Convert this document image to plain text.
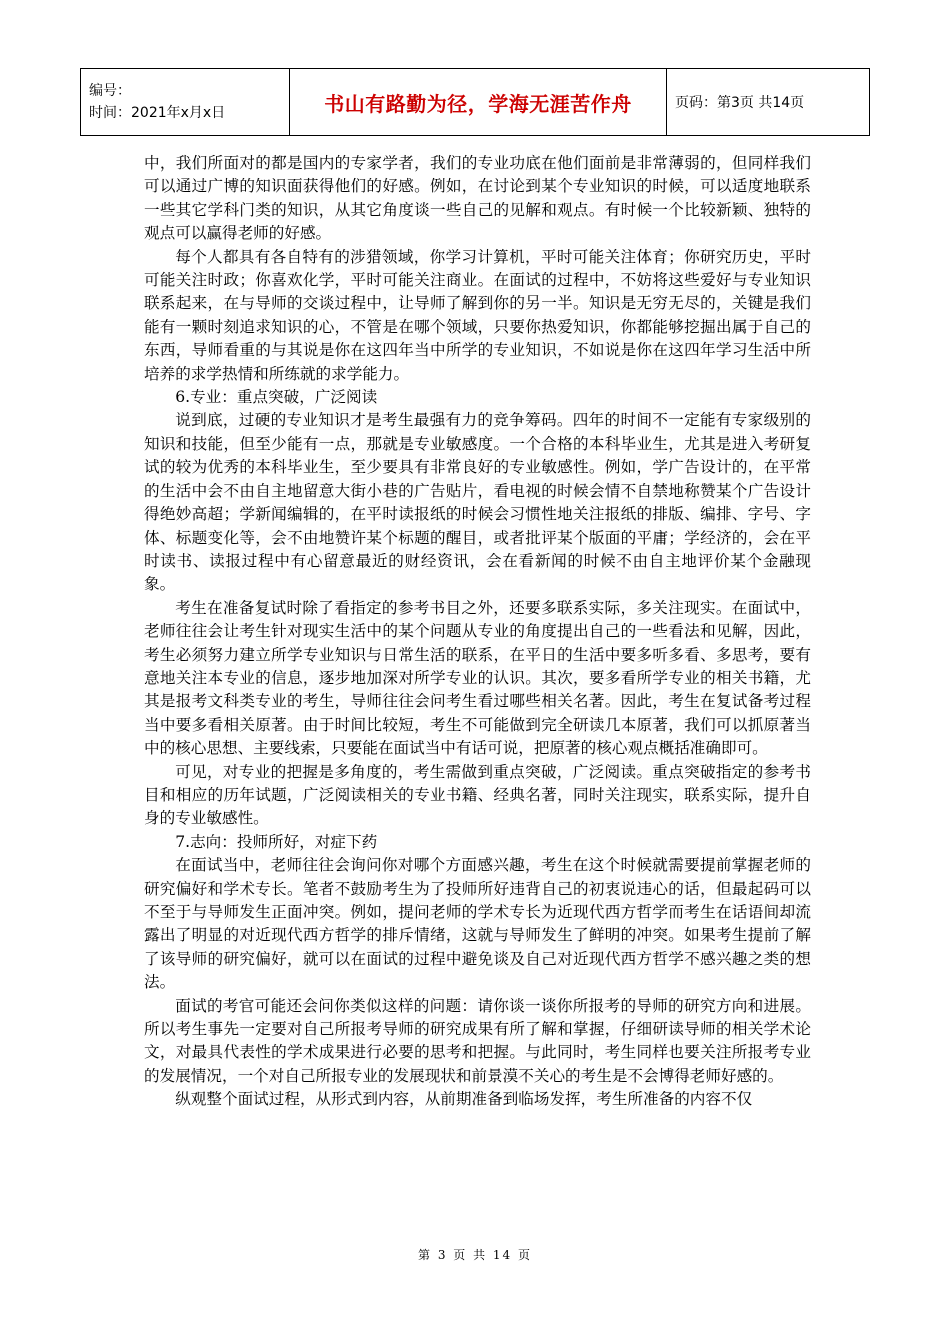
编号：
时间：2021年x月x日	书山有路勤为径，学海无涯苦作舟	页码：第3页 共14页

中，我们所面对的都是国内的专家学者，我们的专业功底在他们面前是非常薄弱的，但同样我们可以通过广博的知识面获得他们的好感。例如，在讨论到某个专业知识的时候，可以适度地联系一些其它学科门类的知识，从其它角度谈一些自己的见解和观点。有时候一个比较新颖、独特的观点可以赢得老师的好感。

每个人都具有各自特有的涉猎领域，你学习计算机，平时可能关注体育；你研究历史，平时可能关注时政；你喜欢化学，平时可能关注商业。在面试的过程中，不妨将这些爱好与专业知识联系起来，在与导师的交谈过程中，让导师了解到你的另一半。知识是无穷无尽的，关键是我们能有一颗时刻追求知识的心，不管是在哪个领域，只要你热爱知识，你都能够挖掘出属于自己的东西，导师看重的与其说是你在这四年当中所学的专业知识，不如说是你在这四年学习生活中所培养的求学热情和所练就的求学能力。

6.专业：重点突破，广泛阅读

说到底，过硬的专业知识才是考生最强有力的竞争筹码。四年的时间不一定能有专家级别的知识和技能，但至少能有一点，那就是专业敏感度。一个合格的本科毕业生，尤其是进入考研复试的较为优秀的本科毕业生，至少要具有非常良好的专业敏感性。例如，学广告设计的，在平常的生活中会不由自主地留意大街小巷的广告贴片，看电视的时候会情不自禁地称赞某个广告设计得绝妙高超；学新闻编辑的，在平时读报纸的时候会习惯性地关注报纸的排版、编排、字号、字体、标题变化等，会不由地赞许某个标题的醒目，或者批评某个版面的平庸；学经济的，会在平时读书、读报过程中有心留意最近的财经资讯，会在看新闻的时候不由自主地评价某个金融现象。

考生在准备复试时除了看指定的参考书目之外，还要多联系实际，多关注现实。在面试中，老师往往会让考生针对现实生活中的某个问题从专业的角度提出自己的一些看法和见解，因此，考生必须努力建立所学专业知识与日常生活的联系，在平日的生活中要多听多看、多思考，要有意地关注本专业的信息，逐步地加深对所学专业的认识。其次，要多看所学专业的相关书籍，尤其是报考文科类专业的考生，导师往往会问考生看过哪些相关名著。因此，考生在复试备考过程当中要多看相关原著。由于时间比较短，考生不可能做到完全研读几本原著，我们可以抓原著当中的核心思想、主要线索，只要能在面试当中有话可说，把原著的核心观点概括准确即可。

可见，对专业的把握是多角度的，考生需做到重点突破，广泛阅读。重点突破指定的参考书目和相应的历年试题，广泛阅读相关的专业书籍、经典名著，同时关注现实，联系实际，提升自身的专业敏感性。

7.志向：投师所好，对症下药

在面试当中，老师往往会询问你对哪个方面感兴趣，考生在这个时候就需要提前掌握老师的研究偏好和学术专长。笔者不鼓励考生为了投师所好违背自己的初衷说违心的话，但最起码可以不至于与导师发生正面冲突。例如，提问老师的学术专长为近现代西方哲学而考生在话语间却流露出了明显的对近现代西方哲学的排斥情绪，这就与导师发生了鲜明的冲突。如果考生提前了解了该导师的研究偏好，就可以在面试的过程中避免谈及自己对近现代西方哲学不感兴趣之类的想法。

面试的考官可能还会问你类似这样的问题：请你谈一谈你所报考的导师的研究方向和进展。所以考生事先一定要对自己所报考导师的研究成果有所了解和掌握，仔细研读导师的相关学术论文，对最具代表性的学术成果进行必要的思考和把握。与此同时，考生同样也要关注所报考专业的发展情况，一个对自己所报专业的发展现状和前景漠不关心的考生是不会博得老师好感的。

纵观整个面试过程，从形式到内容，从前期准备到临场发挥，考生所准备的内容不仅

第 3 页 共 14 页
